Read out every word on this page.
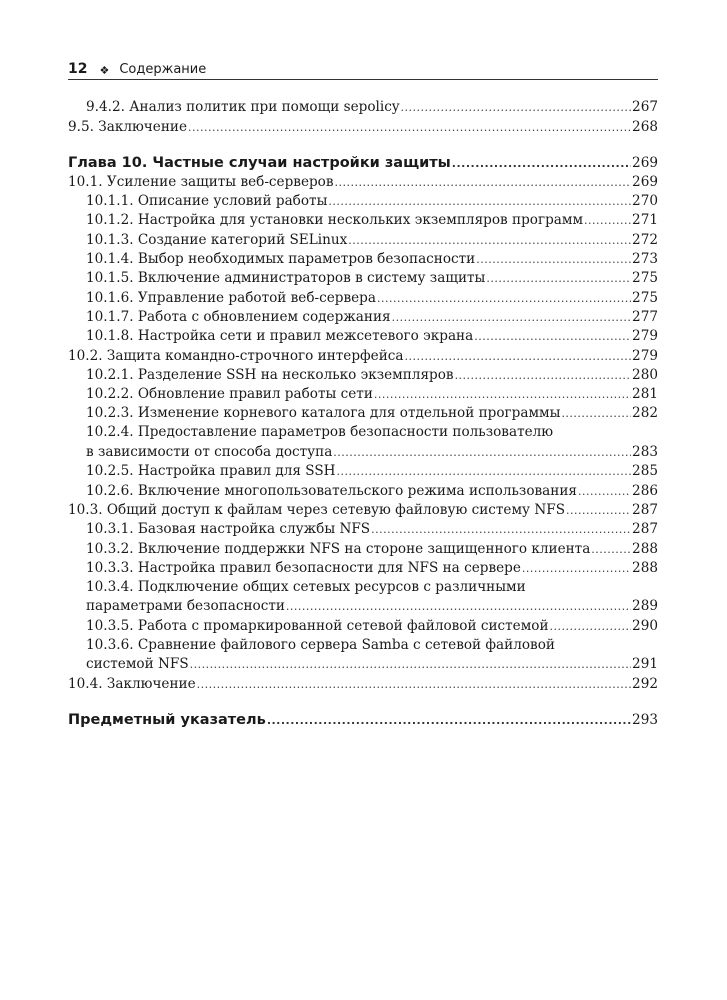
12 ❖ Содержание
9.4.2. Анализ политик при помощи sepolicy .....	267
9.5. Заключение .....	268
Глава 10. Частные случаи настройки защиты .....	269
10.1. Усиление защиты веб-серверов .....	269
10.1.1. Описание условий работы .....	270
10.1.2. Настройка для установки нескольких экземпляров программ .....	271
10.1.3. Создание категорий SELinux .....	272
10.1.4. Выбор необходимых параметров безопасности .....	273
10.1.5. Включение администраторов в систему защиты .....	275
10.1.6. Управление работой веб-сервера .....	275
10.1.7. Работа с обновлением содержания .....	277
10.1.8. Настройка сети и правил межсетевого экрана .....	279
10.2. Защита командно-строчного интерфейса .....	279
10.2.1. Разделение SSH на несколько экземпляров .....	280
10.2.2. Обновление правил работы сети .....	281
10.2.3. Изменение корневого каталога для отдельной программы .....	282
10.2.4. Предоставление параметров безопасности пользователю
в зависимости от способа доступа .....	283
10.2.5. Настройка правил для SSH .....	285
10.2.6. Включение многопользовательского режима использования .....	286
10.3. Общий доступ к файлам через сетевую файловую систему NFS .....	287
10.3.1. Базовая настройка службы NFS .....	287
10.3.2. Включение поддержки NFS на стороне защищенного клиента .....	288
10.3.3. Настройка правил безопасности для NFS на сервере .....	288
10.3.4. Подключение общих сетевых ресурсов с различными
параметрами безопасности .....	289
10.3.5. Работа с промаркированной сетевой файловой системой .....	290
10.3.6. Сравнение файлового сервера Samba с сетевой файловой
системой NFS .....	291
10.4. Заключение .....	292
Предметный указатель .....	293
